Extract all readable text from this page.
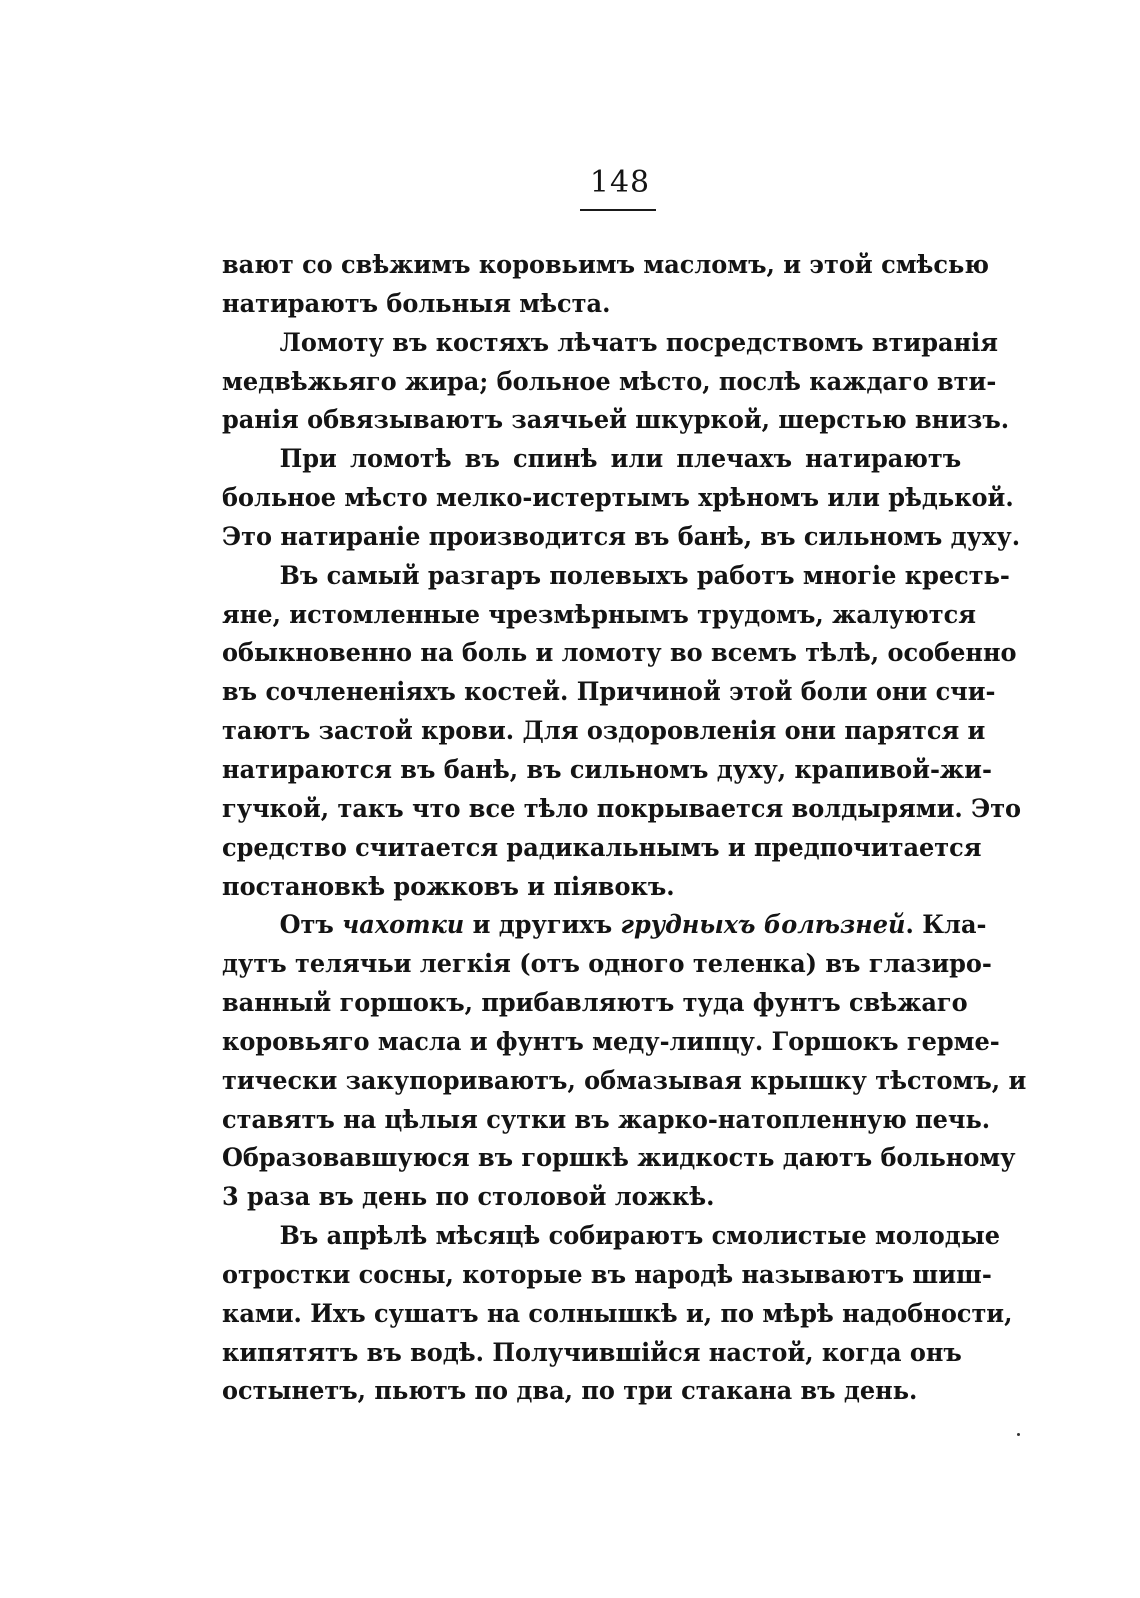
148
вают со свѣжимъ коровьимъ масломъ, и этой смѣсью
натираютъ больныя мѣста.
Ломоту въ костяхъ лѣчатъ посредствомъ втиранія
медвѣжьяго жира; больное мѣсто, послѣ каждаго вти-
ранія обвязываютъ заячьей шкуркой, шерстью внизъ.
При ломотѣ въ спинѣ или плечахъ натираютъ
больное мѣсто мелко-истертымъ хрѣномъ или рѣдькой.
Это натираніе производится въ банѣ, въ сильномъ духу.
Въ самый разгаръ полевыхъ работъ многіе кресть-
яне, истомленные чрезмѣрнымъ трудомъ, жалуются
обыкновенно на боль и ломоту во всемъ тѣлѣ, особенно
въ сочлененіяхъ костей. Причиной этой боли они счи-
таютъ застой крови. Для оздоровленія они парятся и
натираются въ банѣ, въ сильномъ духу, крапивой-жи-
гучкой, такъ что все тѣло покрывается волдырями. Это
средство считается радикальнымъ и предпочитается
постановкѣ рожковъ и піявокъ.
Отъ чахотки и другихъ грудныхъ болѣзней. Кла-
дутъ телячьи легкія (отъ одного теленка) въ глазиро-
ванный горшокъ, прибавляютъ туда фунтъ свѣжаго
коровьяго масла и фунтъ меду-липцу. Горшокъ герме-
тически закупориваютъ, обмазывая крышку тѣстомъ, и
ставятъ на цѣлыя сутки въ жарко-натопленную печь.
Образовавшуюся въ горшкѣ жидкость даютъ больному
3 раза въ день по столовой ложкѣ.
Въ апрѣлѣ мѣсяцѣ собираютъ смолистые молодые
отростки сосны, которые въ народѣ называютъ шиш-
ками. Ихъ сушатъ на солнышкѣ и, по мѣрѣ надобности,
кипятятъ въ водѣ. Получившійся настой, когда онъ
остынетъ, пьютъ по два, по три стакана въ день.
